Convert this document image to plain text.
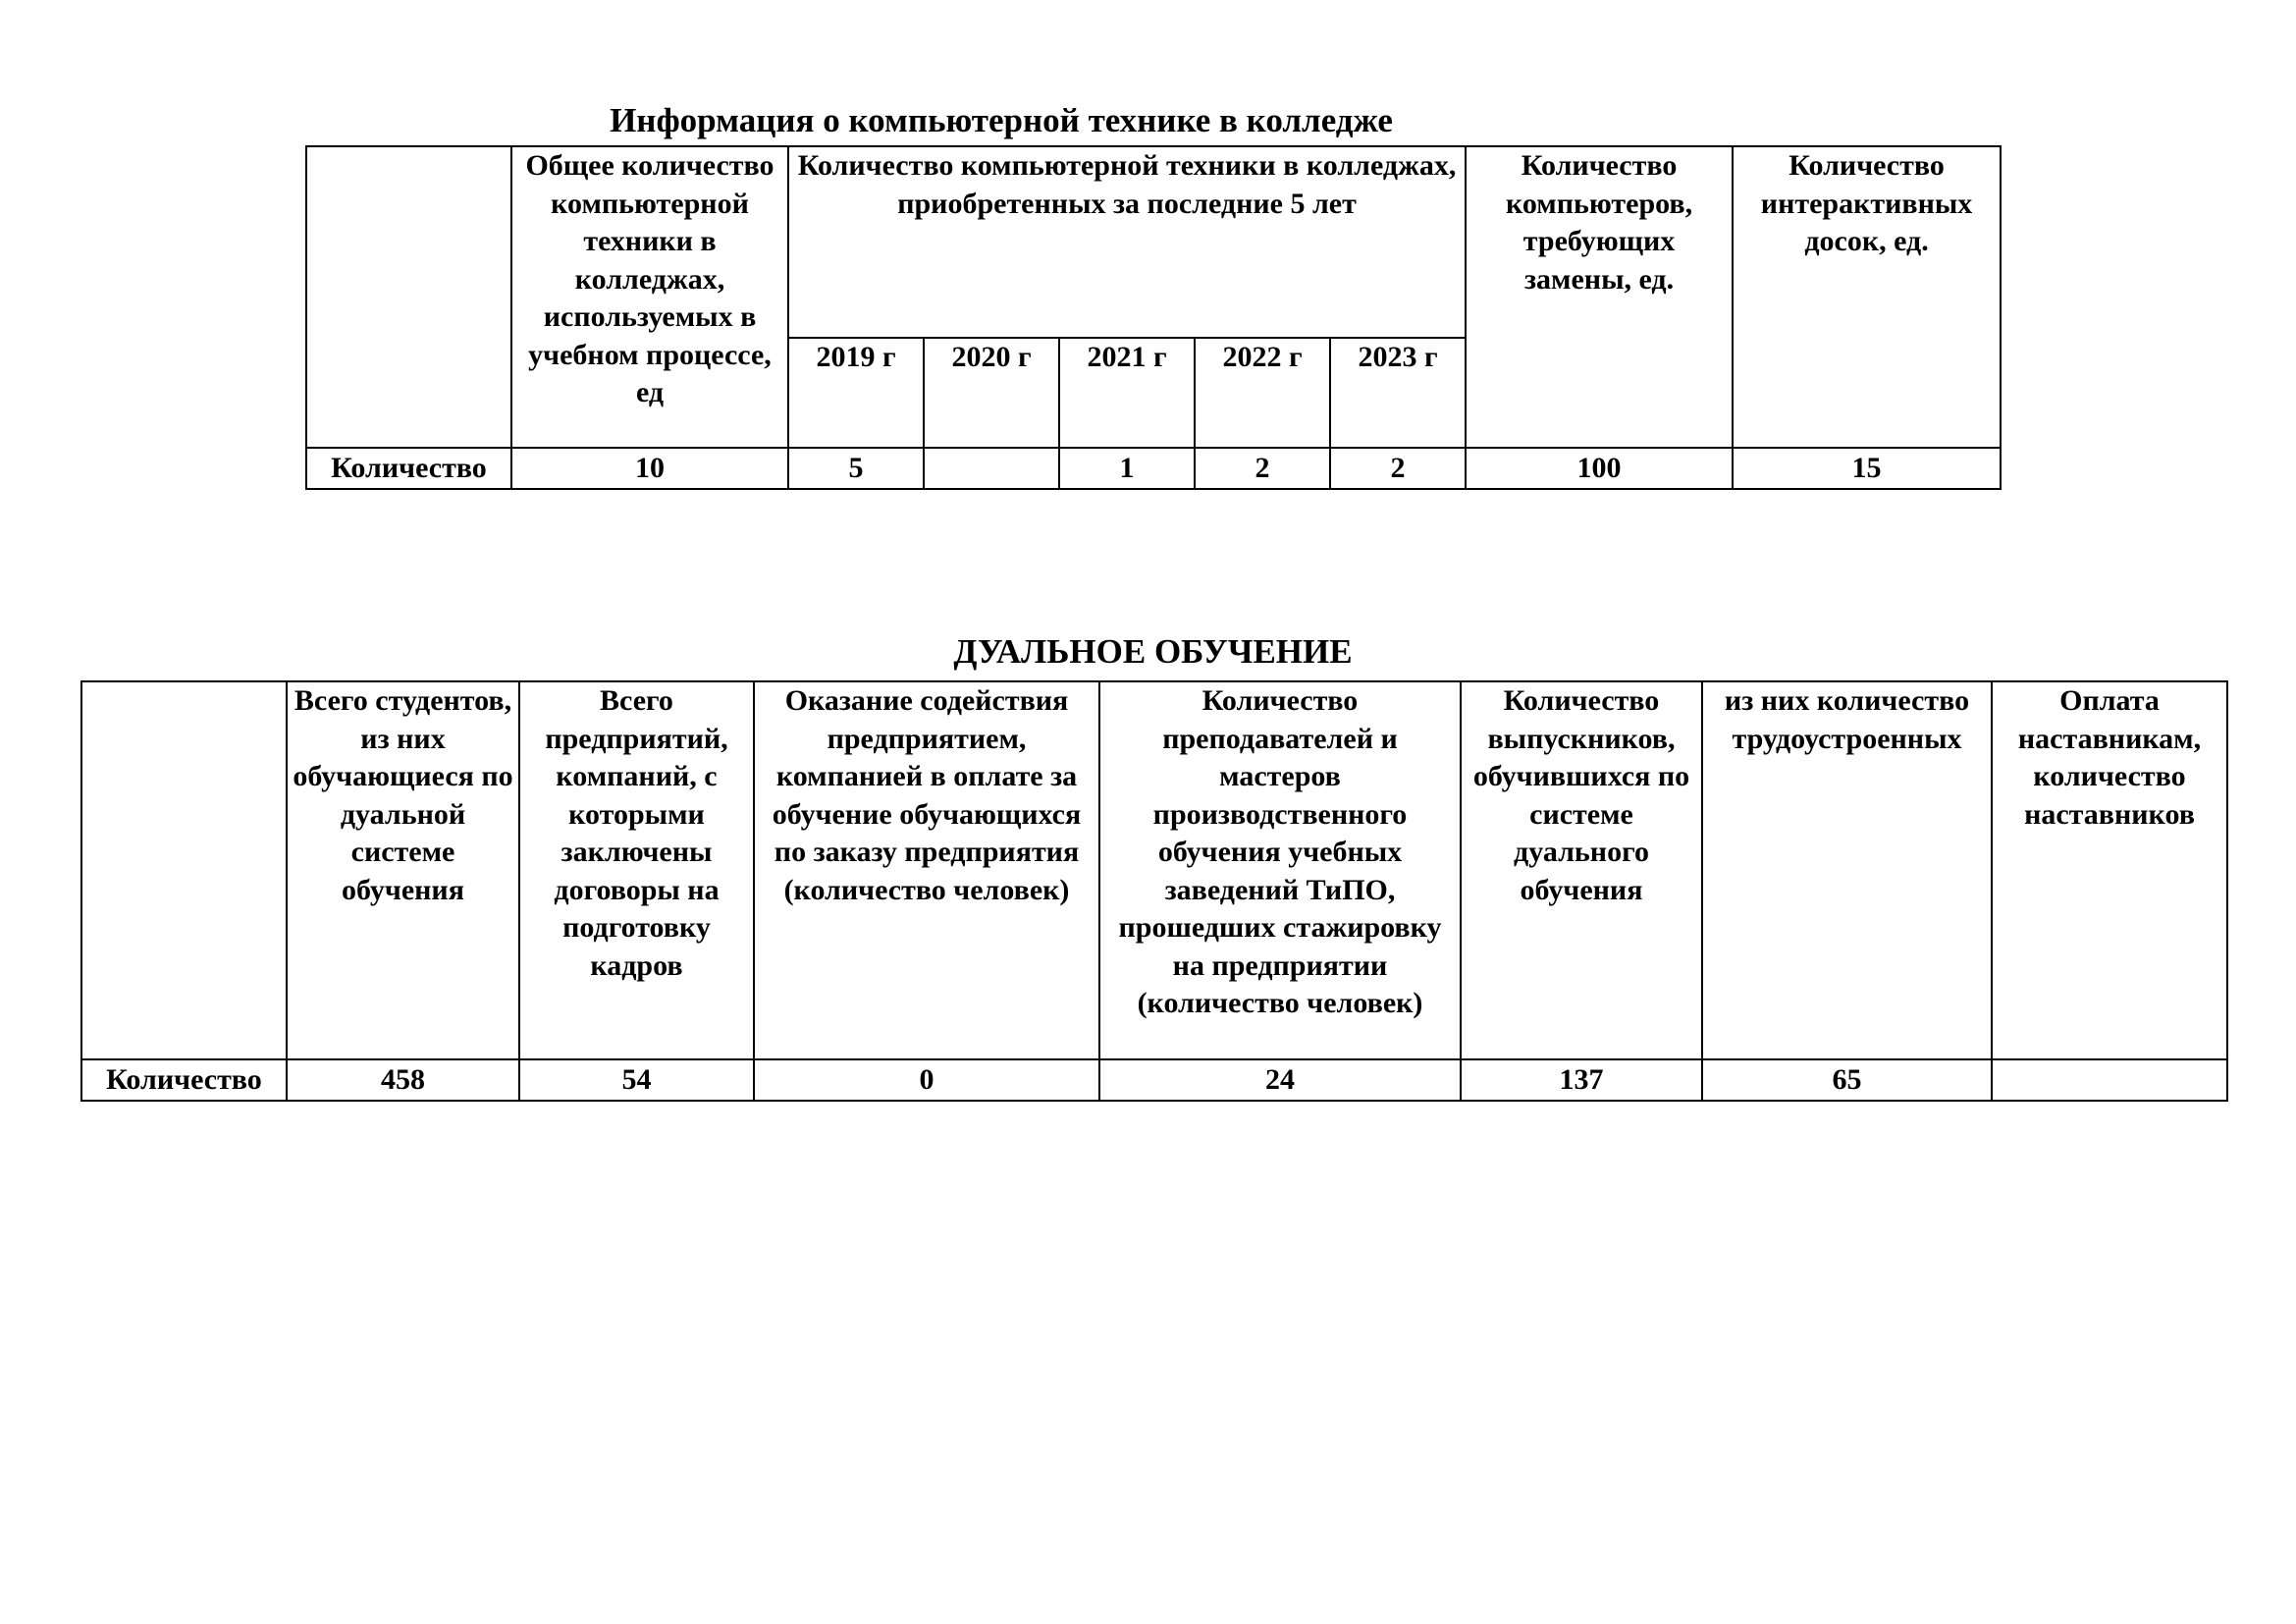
Информация о компьютерной технике в колледже
	Общее количество компьютерной техники в колледжах, используемых в учебном процессе, ед	Количество компьютерной техники в колледжах, приобретенных за последние 5 лет					Количество компьютеров, требующих замены, ед.	Количество интерактивных досок, ед.
		2019 г	2020 г	2021 г	2022 г	2023 г		
Количество	10	5		1	2	2	100	15
ДУАЛЬНОЕ ОБУЧЕНИЕ
	Всего студентов, из них обучающиеся по дуальной системе обучения	Всего предприятий, компаний, с которыми заключены договоры на подготовку кадров	Оказание содействия предприятием, компанией в оплате за обучение обучающихся по заказу предприятия (количество человек)	Количество преподавателей и мастеров производственного обучения учебных заведений ТиПО, прошедших стажировку на предприятии (количество человек)	Количество выпускников, обучившихся по системе дуального обучения	из них количество трудоустроенных	Оплата наставникам, количество наставников
Количество	458	54	0	24	137	65	
